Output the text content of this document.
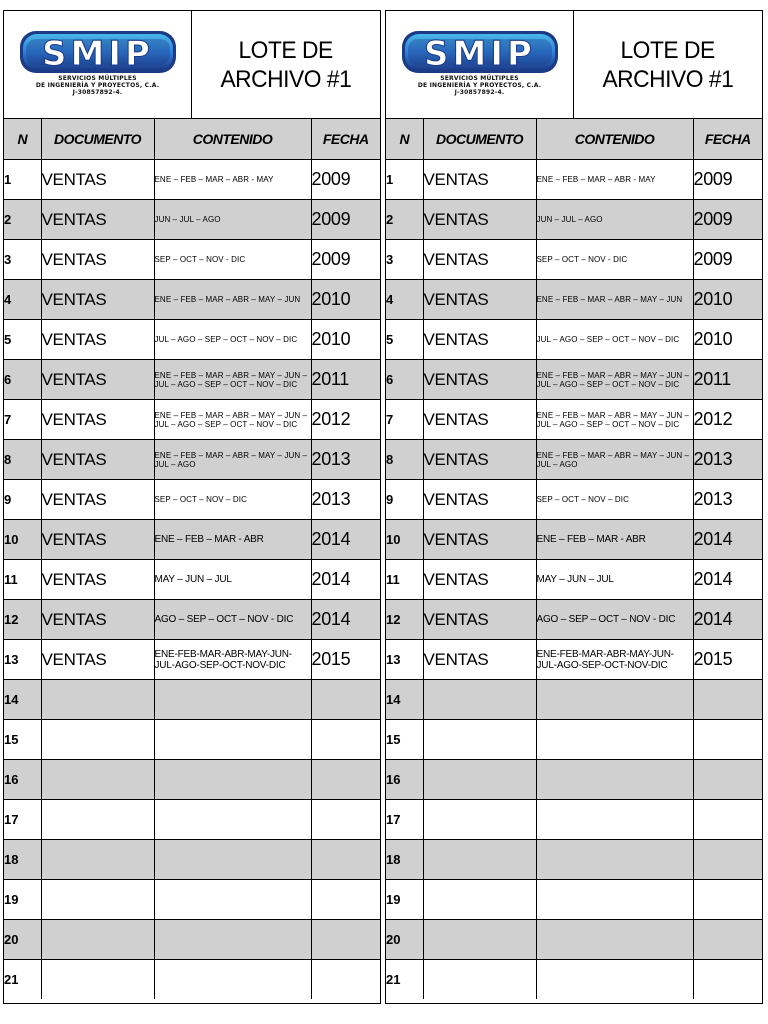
SMIP
SERVICIOS MÚLTIPLES
DE INGENIERÍA Y PROYECTOS, C.A.
J-30857892-4.
LOTE DE
ARCHIVO #1
N	DOCUMENTO	CONTENIDO	FECHA
1	VENTAS	ENE – FEB – MAR – ABR - MAY	2009
2	VENTAS	JUN – JUL – AGO	2009
3	VENTAS	SEP – OCT – NOV - DIC	2009
4	VENTAS	ENE – FEB – MAR – ABR – MAY – JUN	2010
5	VENTAS	JUL – AGO – SEP – OCT – NOV – DIC	2010
6	VENTAS	ENE – FEB – MAR – ABR – MAY – JUN – JUL – AGO – SEP – OCT – NOV – DIC	2011
7	VENTAS	ENE – FEB – MAR – ABR – MAY – JUN – JUL – AGO – SEP – OCT – NOV – DIC	2012
8	VENTAS	ENE – FEB – MAR – ABR – MAY – JUN – JUL – AGO	2013
9	VENTAS	SEP – OCT – NOV – DIC	2013
10	VENTAS	ENE – FEB – MAR - ABR	2014
11	VENTAS	MAY – JUN – JUL	2014
12	VENTAS	AGO – SEP – OCT – NOV - DIC	2014
13	VENTAS	ENE-FEB-MAR-ABR-MAY-JUN-JUL-AGO-SEP-OCT-NOV-DIC	2015
14			
15			
16			
17			
18			
19			
20			
21			
SMIP
SERVICIOS MÚLTIPLES
DE INGENIERÍA Y PROYECTOS, C.A.
J-30857892-4.
LOTE DE
ARCHIVO #1
N	DOCUMENTO	CONTENIDO	FECHA
1	VENTAS	ENE – FEB – MAR – ABR - MAY	2009
2	VENTAS	JUN – JUL – AGO	2009
3	VENTAS	SEP – OCT – NOV - DIC	2009
4	VENTAS	ENE – FEB – MAR – ABR – MAY – JUN	2010
5	VENTAS	JUL – AGO – SEP – OCT – NOV – DIC	2010
6	VENTAS	ENE – FEB – MAR – ABR – MAY – JUN – JUL – AGO – SEP – OCT – NOV – DIC	2011
7	VENTAS	ENE – FEB – MAR – ABR – MAY – JUN – JUL – AGO – SEP – OCT – NOV – DIC	2012
8	VENTAS	ENE – FEB – MAR – ABR – MAY – JUN – JUL – AGO	2013
9	VENTAS	SEP – OCT – NOV – DIC	2013
10	VENTAS	ENE – FEB – MAR - ABR	2014
11	VENTAS	MAY – JUN – JUL	2014
12	VENTAS	AGO – SEP – OCT – NOV - DIC	2014
13	VENTAS	ENE-FEB-MAR-ABR-MAY-JUN-JUL-AGO-SEP-OCT-NOV-DIC	2015
14			
15			
16			
17			
18			
19			
20			
21			
